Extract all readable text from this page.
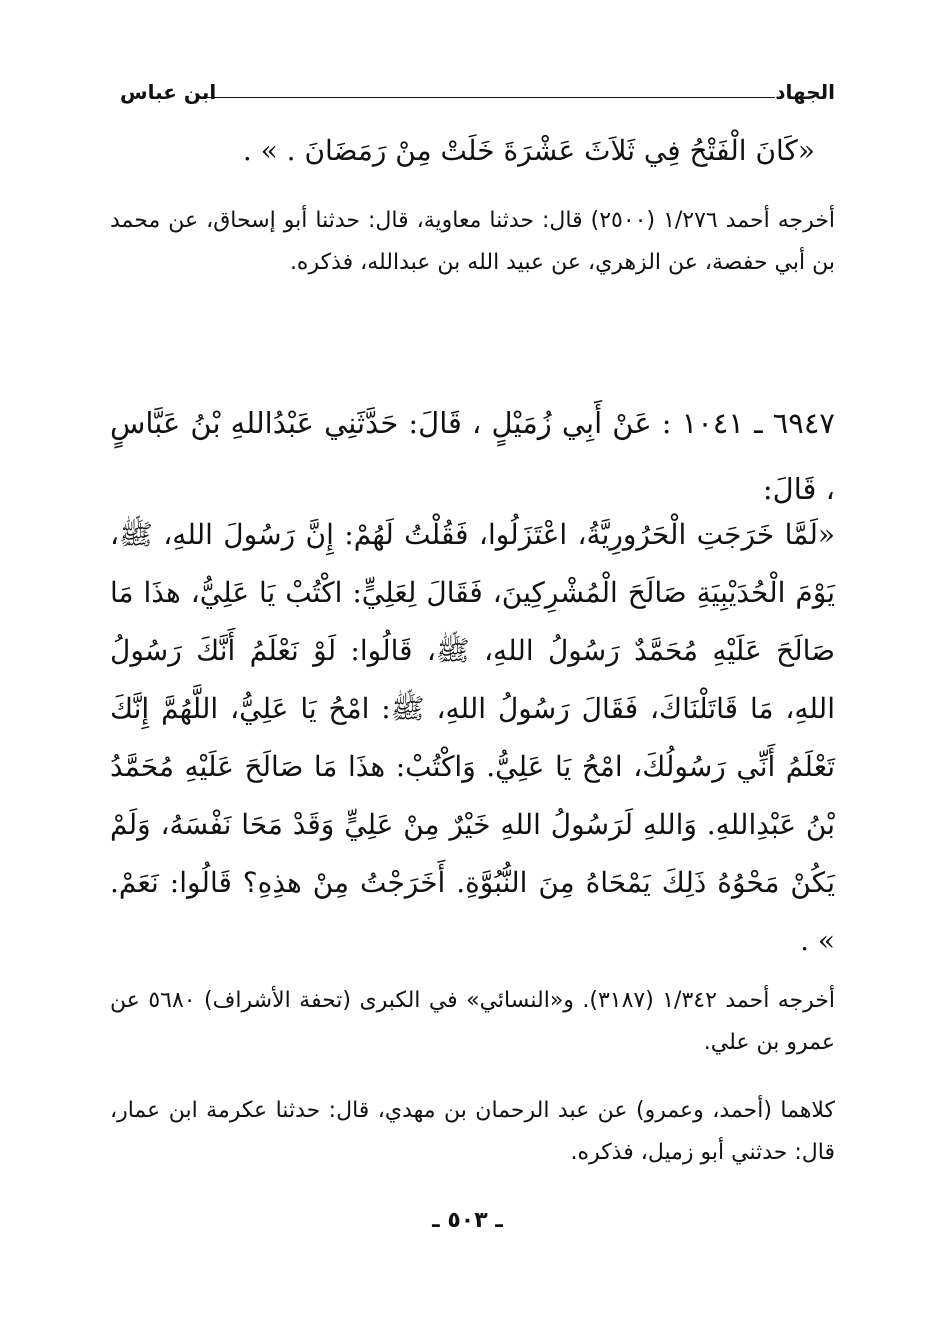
الجهاد
ابن عباس
«كَانَ الْفَتْحُ فِي ثَلاَثَ عَشْرَةَ خَلَتْ مِنْ رَمَضَانَ . » .
أخرجه أحمد ١/٢٧٦ (٢٥٠٠) قال: حدثنا معاوية، قال: حدثنا أبو إسحاق، عن محمد بن أبي حفصة، عن الزهري، عن عبيد الله بن عبدالله، فذكره.
٦٩٤٧ ـ ١٠٤١ : عَنْ أَبِي زُمَيْلٍ ، قَالَ: حَدَّثَنِي عَبْدُاللهِ بْنُ عَبَّاسٍ ، قَالَ:
«لَمَّا خَرَجَتِ الْحَرُورِيَّةُ، اعْتَزَلُوا، فَقُلْتُ لَهُمْ: إِنَّ رَسُولَ اللهِ، ﷺ، يَوْمَ الْحُدَيْبِيَةِ صَالَحَ الْمُشْرِكِينَ، فَقَالَ لِعَلِيٍّ: اكْتُبْ يَا عَلِيُّ، هذَا مَا صَالَحَ عَلَيْهِ مُحَمَّدٌ رَسُولُ اللهِ، ﷺ، قَالُوا: لَوْ نَعْلَمُ أَنَّكَ رَسُولُ اللهِ، مَا قَاتَلْنَاكَ، فَقَالَ رَسُولُ اللهِ، ﷺ: امْحُ يَا عَلِيُّ، اللَّهُمَّ إِنَّكَ تَعْلَمُ أَنِّي رَسُولُكَ، امْحُ يَا عَلِيُّ. وَاكْتُبْ: هذَا مَا صَالَحَ عَلَيْهِ مُحَمَّدُ بْنُ عَبْدِاللهِ. وَاللهِ لَرَسُولُ اللهِ خَيْرٌ مِنْ عَلِيٍّ وَقَدْ مَحَا نَفْسَهُ، وَلَمْ يَكُنْ مَحْوُهُ ذَلِكَ يَمْحَاهُ مِنَ النُّبُوَّةِ. أَخَرَجْتُ مِنْ هذِهِ؟ قَالُوا: نَعَمْ. » .
أخرجه أحمد ١/٣٤٢ (٣١٨٧). و«النسائي» في الكبرى (تحفة الأشراف) ٥٦٨٠ عن عمرو بن علي.
كلاهما (أحمد، وعمرو) عن عبد الرحمان بن مهدي، قال: حدثنا عكرمة ابن عمار، قال: حدثني أبو زميل، فذكره.
ـ ٥٠٣ ـ
